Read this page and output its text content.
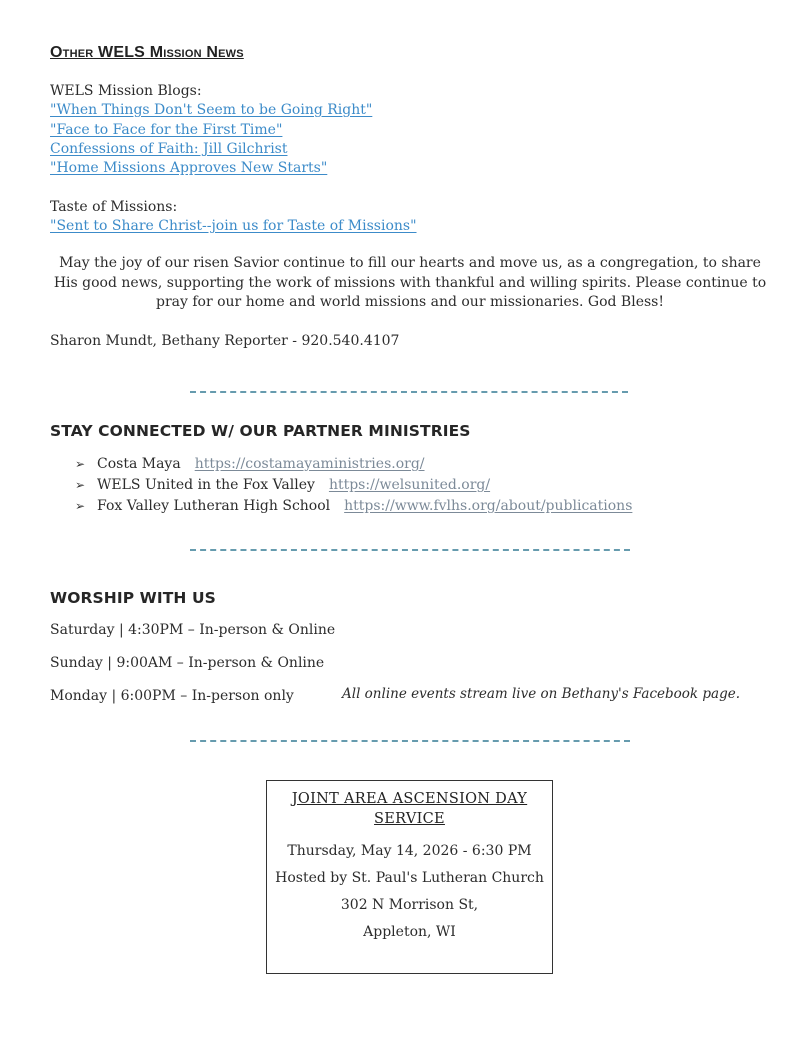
Other WELS Mission News
WELS Mission Blogs:
"When Things Don't Seem to be Going Right"
"Face to Face for the First Time"
Confessions of Faith: Jill Gilchrist
"Home Missions Approves New Starts"
Taste of Missions:
"Sent to Share Christ--join us for Taste of Missions"
May the joy of our risen Savior continue to fill our hearts and move us, as a congregation, to share His good news, supporting the work of missions with thankful and willing spirits. Please continue to pray for our home and world missions and our missionaries. God Bless!
Sharon Mundt, Bethany Reporter - 920.540.4107
STAY CONNECTED W/ OUR PARTNER MINISTRIES
➢ Costa Maya https://costamayaministries.org/
➢ WELS United in the Fox Valley https://welsunited.org/
➢ Fox Valley Lutheran High School https://www.fvlhs.org/about/publications
WORSHIP WITH US
Saturday | 4:30PM – In-person & Online
Sunday | 9:00AM – In-person & Online
Monday | 6:00PM – In-person only	All online events stream live on Bethany's Facebook page.
JOINT AREA ASCENSION DAY SERVICE

Thursday, May 14, 2026 - 6:30 PM

Hosted by St. Paul's Lutheran Church

302 N Morrison St,

Appleton, WI
